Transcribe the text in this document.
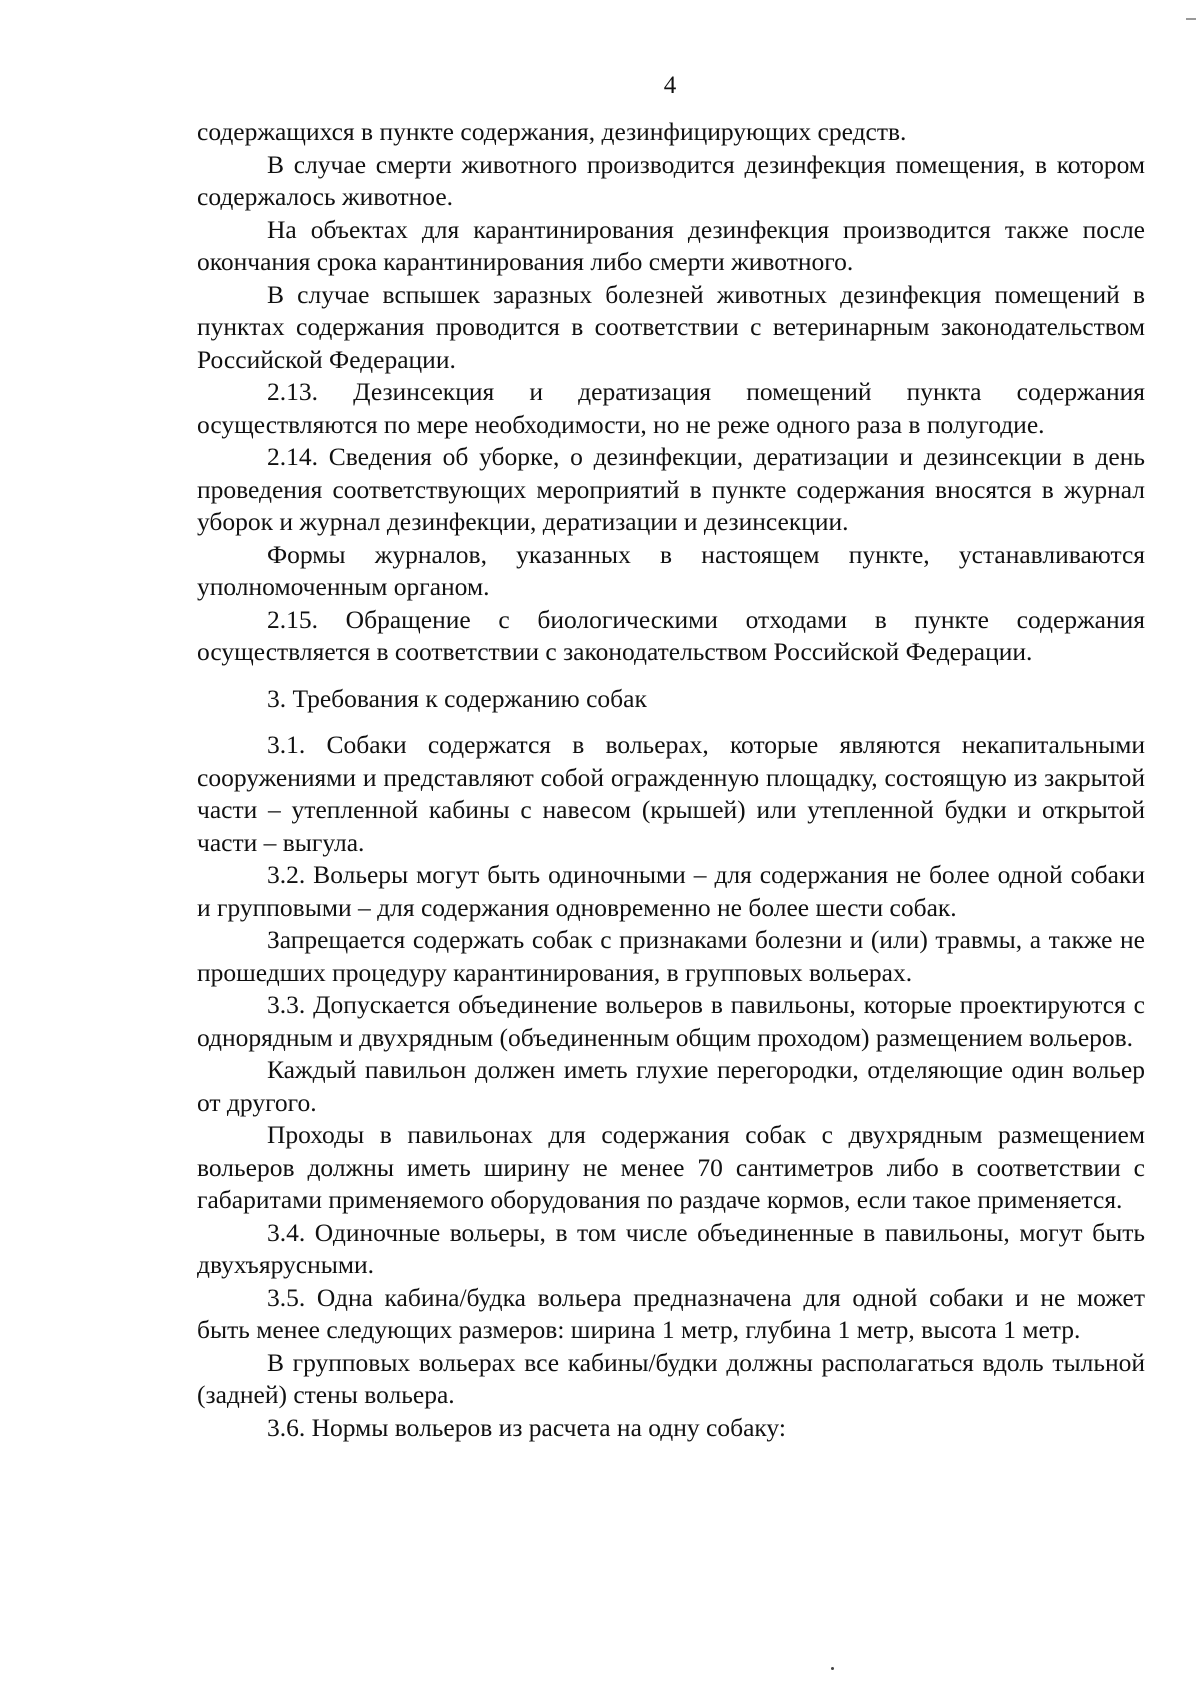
4

содержащихся в пункте содержания, дезинфицирующих средств.

В случае смерти животного производится дезинфекция помещения, в котором содержалось животное.

На объектах для карантинирования дезинфекция производится также после окончания срока карантинирования либо смерти животного.

В случае вспышек заразных болезней животных дезинфекция помещений в пунктах содержания проводится в соответствии с ветеринарным законодательством Российской Федерации.

2.13. Дезинсекция и дератизация помещений пункта содержания осуществляются по мере необходимости, но не реже одного раза в полугодие.

2.14. Сведения об уборке, о дезинфекции, дератизации и дезинсекции в день проведения соответствующих мероприятий в пункте содержания вносятся в журнал уборок и журнал дезинфекции, дератизации и дезинсекции.

Формы журналов, указанных в настоящем пункте, устанавливаются уполномоченным органом.

2.15. Обращение с биологическими отходами в пункте содержания осуществляется в соответствии с законодательством Российской Федерации.

3. Требования к содержанию собак

3.1. Собаки содержатся в вольерах, которые являются некапитальными сооружениями и представляют собой огражденную площадку, состоящую из закрытой части – утепленной кабины с навесом (крышей) или утепленной будки и открытой части – выгула.

3.2. Вольеры могут быть одиночными – для содержания не более одной собаки и групповыми – для содержания одновременно не более шести собак.

Запрещается содержать собак с признаками болезни и (или) травмы, а также не прошедших процедуру карантинирования, в групповых вольерах.

3.3. Допускается объединение вольеров в павильоны, которые проектируются с однорядным и двухрядным (объединенным общим проходом) размещением вольеров.

Каждый павильон должен иметь глухие перегородки, отделяющие один вольер от другого.

Проходы в павильонах для содержания собак с двухрядным размещением вольеров должны иметь ширину не менее 70 сантиметров либо в соответствии с габаритами применяемого оборудования по раздаче кормов, если такое применяется.

3.4. Одиночные вольеры, в том числе объединенные в павильоны, могут быть двухъярусными.

3.5. Одна кабина/будка вольера предназначена для одной собаки и не может быть менее следующих размеров: ширина 1 метр, глубина 1 метр, высота 1 метр.

В групповых вольерах все кабины/будки должны располагаться вдоль тыльной (задней) стены вольера.

3.6. Нормы вольеров из расчета на одну собаку:
